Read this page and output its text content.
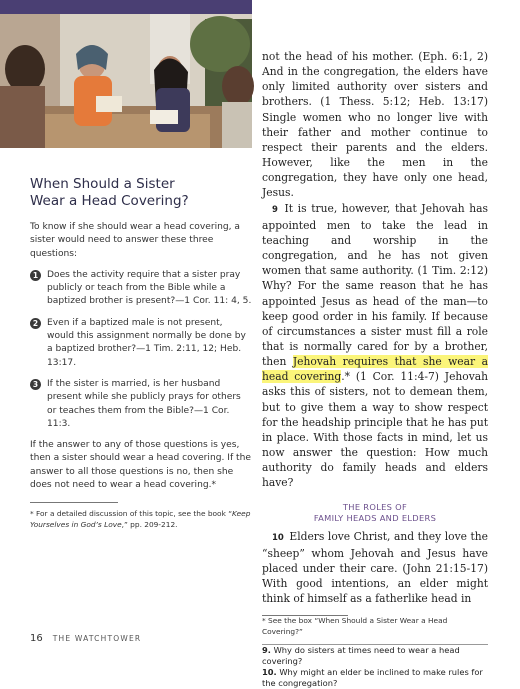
When Should a Sister
Wear a Head Covering?

To know if she should wear a head covering, a sister would need to answer these three questions:

1 Does the activity require that a sister pray publicly or teach from the Bible while a baptized brother is present?—1 Cor. 11: 4, 5.
2 Even if a baptized male is not present, would this assignment normally be done by a baptized brother?—1 Tim. 2:11, 12; Heb. 13:17.
3 If the sister is married, is her husband present while she publicly prays for others or teaches them from the Bible?—1 Cor. 11:3.

If the answer to any of those questions is yes, then a sister should wear a head covering. If the answer to all those questions is no, then she does not need to wear a head covering.*

* For a detailed discussion of this topic, see the book “Keep Yourselves in God’s Love,” pp. 209-212.

not the head of his mother. (Eph. 6:1, 2) And in the congregation, the elders have only limited authority over sisters and brothers. (1 Thess. 5:12; Heb. 13:17) Single women who no longer live with their father and mother continue to respect their parents and the elders. However, like the men in the congregation, they have only one head, Jesus.

9 It is true, however, that Jehovah has appointed men to take the lead in teaching and worship in the congregation, and he has not given women that same authority. (1 Tim. 2:12) Why? For the same reason that he has appointed Jesus as head of the man—to keep good order in his family. If because of circumstances a sister must fill a role that is normally cared for by a brother, then Jehovah requires that she wear a head covering.* (1 Cor. 11:4-7) Jehovah asks this of sisters, not to demean them, but to give them a way to show respect for the headship principle that he has put in place. With those facts in mind, let us now answer the question: How much authority do family heads and elders have?

THE ROLES OF
FAMILY HEADS AND ELDERS

10 Elders love Christ, and they love the “sheep” whom Jehovah and Jesus have placed under their care. (John 21:15-17) With good intentions, an elder might think of himself as a fatherlike head in

* See the box “When Should a Sister Wear a Head Covering?”

9. Why do sisters at times need to wear a head covering?

10. Why might an elder be inclined to make rules for the congregation?

16 THE WATCHTOWER
